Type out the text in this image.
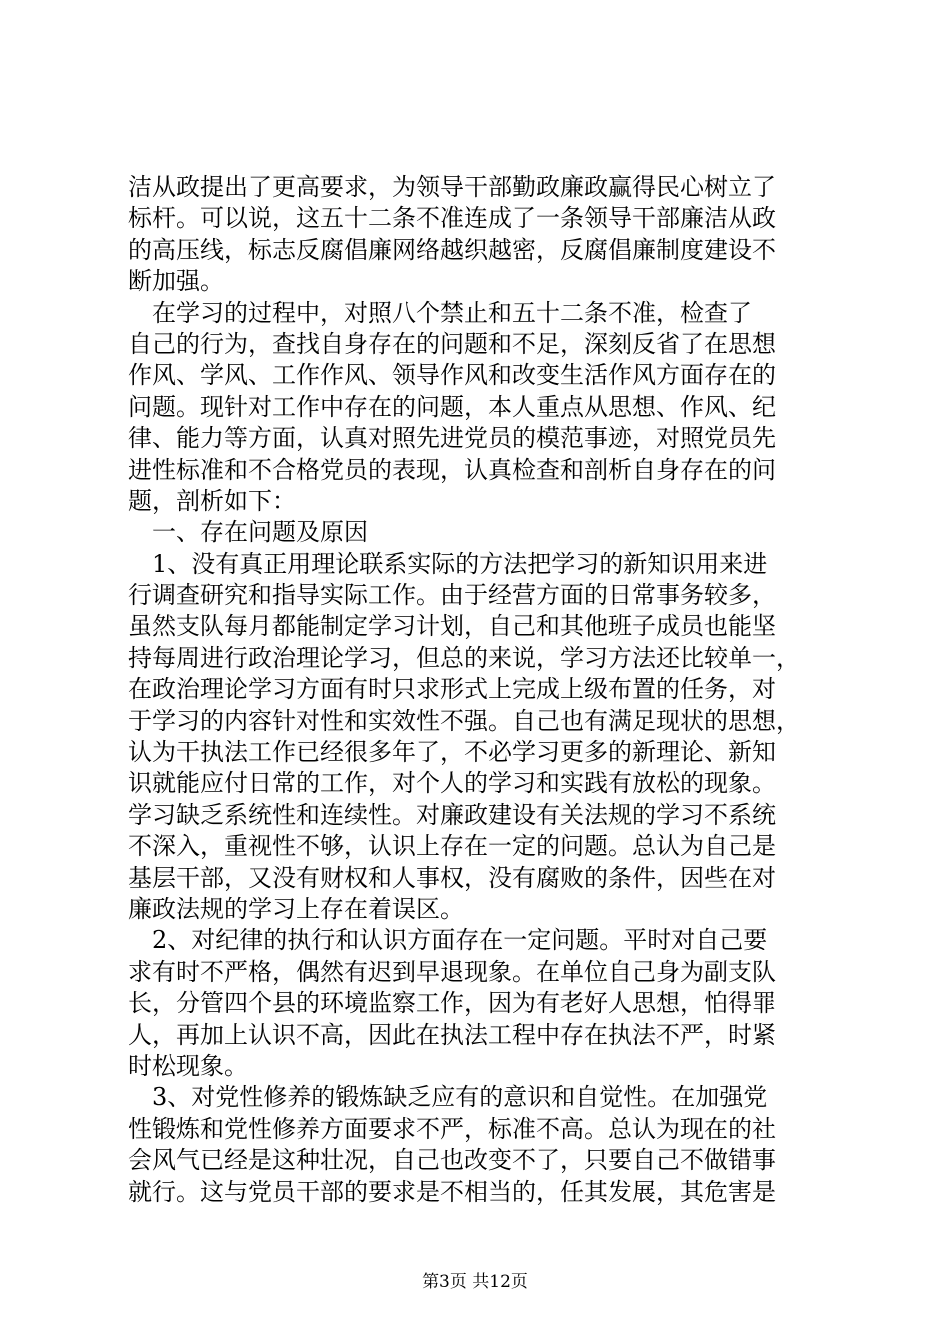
洁从政提出了更高要求，为领导干部勤政廉政赢得民心树立了
标杆。可以说，这五十二条不准连成了一条领导干部廉洁从政
的高压线，标志反腐倡廉网络越织越密，反腐倡廉制度建设不
断加强。
　在学习的过程中，对照八个禁止和五十二条不准，检查了
自己的行为，查找自身存在的问题和不足，深刻反省了在思想
作风、学风、工作作风、领导作风和改变生活作风方面存在的
问题。现针对工作中存在的问题，本人重点从思想、作风、纪
律、能力等方面，认真对照先进党员的模范事迹，对照党员先
进性标准和不合格党员的表现，认真检查和剖析自身存在的问
题，剖析如下：
　一、存在问题及原因
　1、没有真正用理论联系实际的方法把学习的新知识用来进
行调查研究和指导实际工作。由于经营方面的日常事务较多，
虽然支队每月都能制定学习计划，自己和其他班子成员也能坚
持每周进行政治理论学习，但总的来说，学习方法还比较单一，
在政治理论学习方面有时只求形式上完成上级布置的任务，对
于学习的内容针对性和实效性不强。自己也有满足现状的思想，
认为干执法工作已经很多年了，不必学习更多的新理论、新知
识就能应付日常的工作，对个人的学习和实践有放松的现象。
学习缺乏系统性和连续性。对廉政建设有关法规的学习不系统
不深入，重视性不够，认识上存在一定的问题。总认为自己是
基层干部，又没有财权和人事权，没有腐败的条件，因些在对
廉政法规的学习上存在着误区。
　2、对纪律的执行和认识方面存在一定问题。平时对自己要
求有时不严格，偶然有迟到早退现象。在单位自己身为副支队
长，分管四个县的环境监察工作，因为有老好人思想，怕得罪
人，再加上认识不高，因此在执法工程中存在执法不严，时紧
时松现象。
　3、对党性修养的锻炼缺乏应有的意识和自觉性。在加强党
性锻炼和党性修养方面要求不严，标准不高。总认为现在的社
会风气已经是这种壮况，自己也改变不了，只要自己不做错事
就行。这与党员干部的要求是不相当的，任其发展，其危害是
第3页 共12页
